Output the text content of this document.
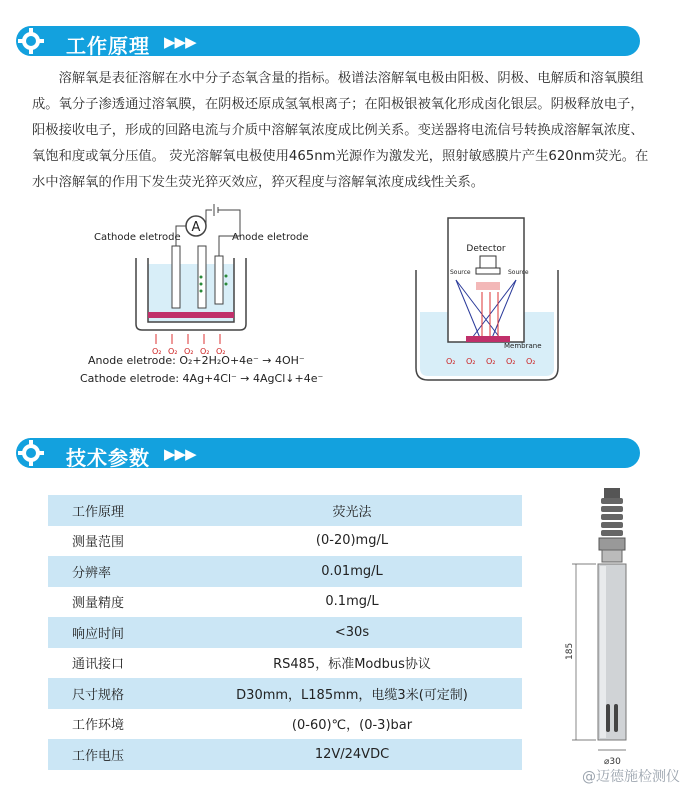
工作原理 ▶▶▶

溶解氧是表征溶解在水中分子态氧含量的指标。极谱法溶解氧电极由阳极、阴极、电解质和溶氧膜组成。氧分子渗透通过溶氧膜，在阴极还原成氢氧根离子；在阳极银被氧化形成卤化银层。阴极释放电子，阳极接收电子，形成的回路电流与介质中溶解氧浓度成比例关系。变送器将电流信号转换成溶解氧浓度、氧饱和度或氧分压值。 荧光溶解氧电极使用465nm光源作为激发光，照射敏感膜片产生620nm荧光。在水中溶解氧的作用下发生荧光猝灭效应，猝灭程度与溶解氧浓度成线性关系。

A
Cathode eletrode	Anode eletrode
O₂ O₂ O₂ O₂ O₂
Anode eletrode: O₂+2H₂O+4e⁻ → 4OH⁻
Cathode eletrode: 4Ag+4Cl⁻ → 4AgCl↓+4e⁻
Detector
Source	Source
Membrane
O₂ O₂ O₂ O₂ O₂
技术参数 ▶▶▶
工作原理	荧光法
测量范围	(0-20)mg/L
分辨率	0.01mg/L
测量精度	0.1mg/L
响应时间	<30s
通讯接口	RS485，标准Modbus协议
尺寸规格	D30mm，L185mm，电缆3米(可定制)
工作环境	(0-60)℃，(0-3)bar
工作电压	12V/24VDC
185
⌀30
@迈德施检测仪
